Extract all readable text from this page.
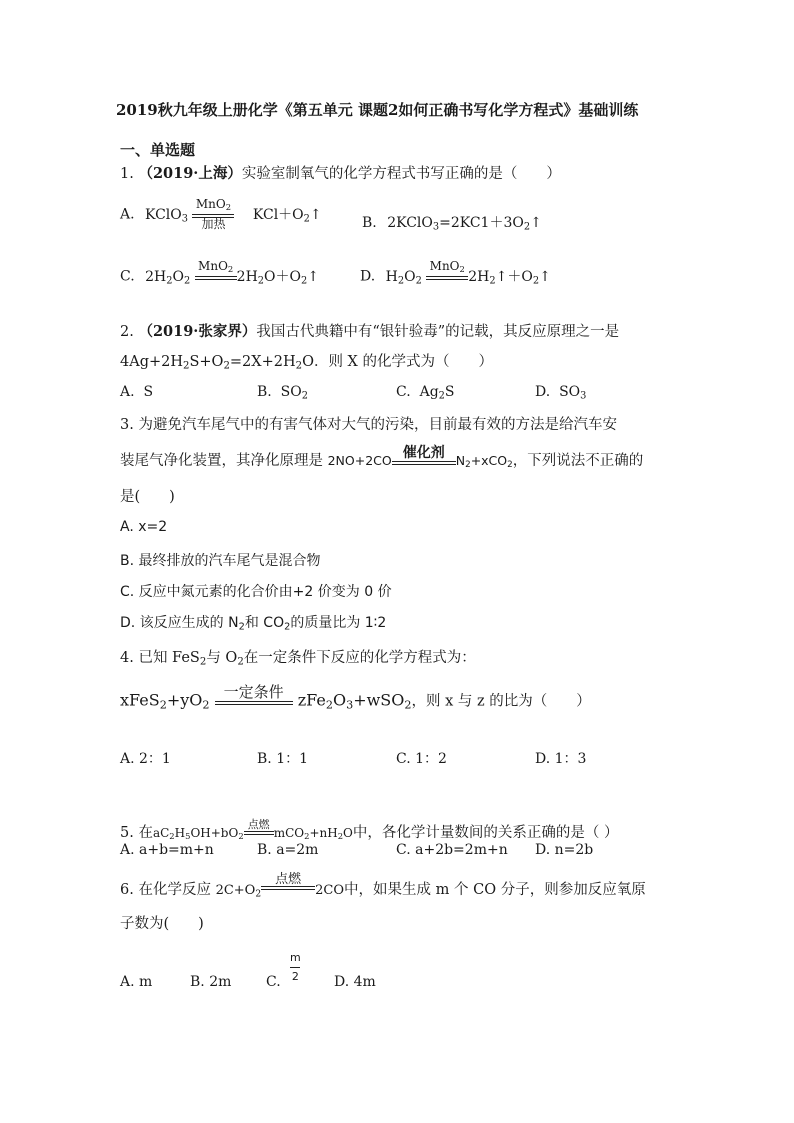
2019秋九年级上册化学《第五单元 课题2如何正确书写化学方程式》基础训练
一、单选题
1. （2019·上海）实验室制氧气的化学方程式书写正确的是（　　）
A. KClO$_3$
MnO$_2$
加热
$KCl+O_2↑$
B. $2KClO_3=2KC1+3O_2↑$
C. $2H_2O_2$
MnO$_2$
$2H_2O+O_2↑$	D. $H_2O_2$
MnO$_2$
$2H_2↑+O_2↑$
2. （2019·张家界）我国古代典籍中有“银针验毒”的记载，其反应原理之一是
$4Ag+2H_2S+O_2=2X+2H_2O$．则 X 的化学式为（　　）
A. S	B. $SO_2$	C. $Ag_2S$	D. $SO_3$
3. 为避免汽车尾气中的有害气体对大气的污染，目前最有效的方法是给汽车安
装尾气净化装置，其净化原理是 2NO+2CO 催化剂 $N_2+xCO_2$，下列说法不正确的
是(　　)
A. x=2
B. 最终排放的汽车尾气是混合物
C. 反应中氮元素的化合价由+2 价变为 0 价
D. 该反应生成的 $N_2$和 $CO_2$的质量比为 1∶2
4. 已知 FeS$_2$与 $O_2$在一定条件下反应的化学方程式为：
$xFeS_2+yO_2$
一定条件
$zFe_2O_3+wSO_2$，则 x 与 z 的比为（　　）
A. 2：1	B. 1：1	C. 1：2	D. 1：3
5. 在$aC_2H_5OH+bO_2$
点燃

$mCO_2+nH_2O$中，各化学计量数间的关系正确的是（ ）
A. a+b=m+n	B. a=2m	C. a+2b=2m+n D. n=2b
6. 在化学反应 $2C+O_2$
点燃

2CO中，如果生成 m 个 CO 分子，则参加反应氧原
子数为(　　)
A. m	B. 2m C. $\frac{m}{2} D$. 4m
